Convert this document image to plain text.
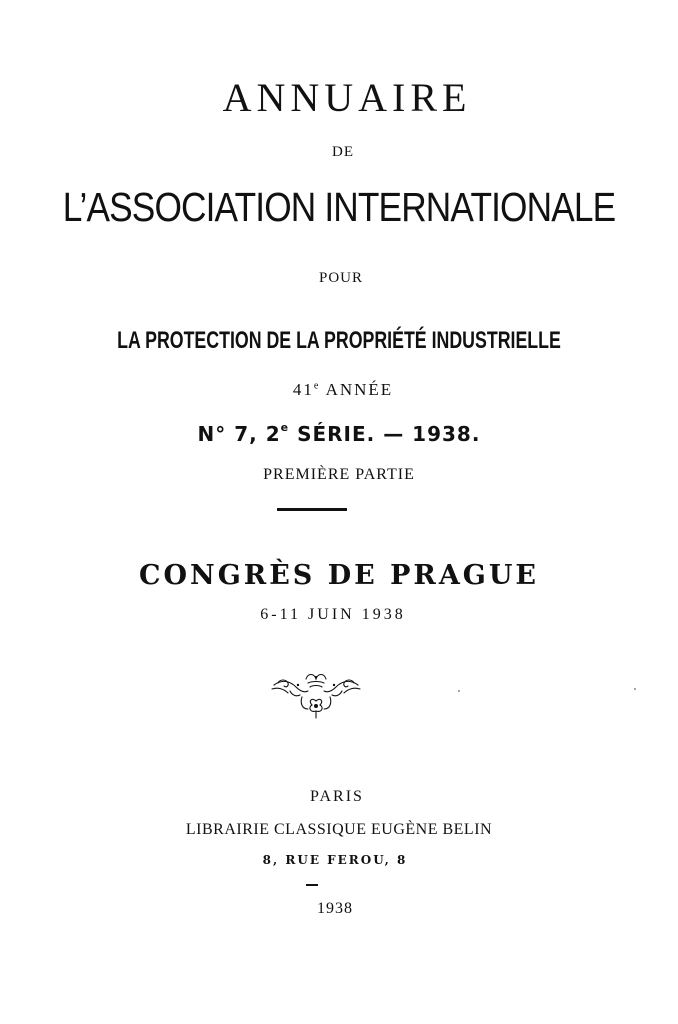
ANNUAIRE
DE
L’ASSOCIATION INTERNATIONALE
POUR
LA PROTECTION DE LA PROPRIÉTÉ INDUSTRIELLE
41e ANNÉE
N° 7, 2e SÉRIE. — 1938.
PREMIÈRE PARTIE
CONGRÈS DE PRAGUE
6-11 JUIN 1938
PARIS
LIBRAIRIE CLASSIQUE EUGÈNE BELIN
8, RUE FEROU, 8
1938
